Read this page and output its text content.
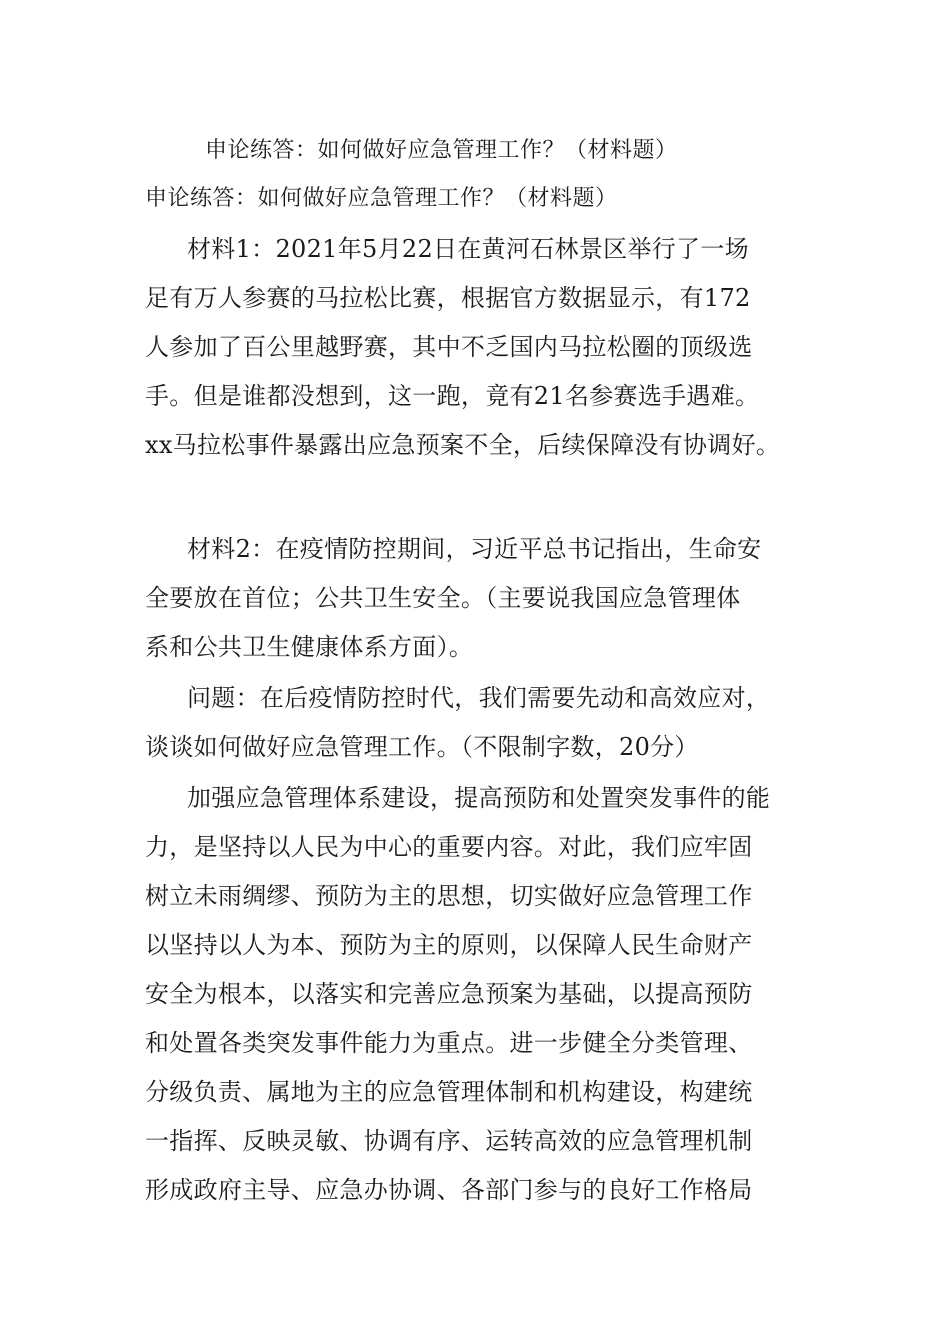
申论练答：如何做好应急管理工作？（材料题）
申论练答：如何做好应急管理工作？（材料题）
材料1：2021年5月22日在黄河石林景区举行了一场
足有万人参赛的马拉松比赛，根据官方数据显示，有172
人参加了百公里越野赛，其中不乏国内马拉松圈的顶级选
手。但是谁都没想到，这一跑，竟有21名参赛选手遇难。
xx马拉松事件暴露出应急预案不全，后续保障没有协调好。
材料2：在疫情防控期间，习近平总书记指出，生命安
全要放在首位；公共卫生安全。（主要说我国应急管理体
系和公共卫生健康体系方面）。
问题：在后疫情防控时代，我们需要先动和高效应对，
谈谈如何做好应急管理工作。（不限制字数，20分）
加强应急管理体系建设，提高预防和处置突发事件的能
力，是坚持以人民为中心的重要内容。对此，我们应牢固
树立未雨绸缪、预防为主的思想，切实做好应急管理工作
以坚持以人为本、预防为主的原则，以保障人民生命财产
安全为根本，以落实和完善应急预案为基础，以提高预防
和处置各类突发事件能力为重点。进一步健全分类管理、
分级负责、属地为主的应急管理体制和机构建设，构建统
一指挥、反映灵敏、协调有序、运转高效的应急管理机制
形成政府主导、应急办协调、各部门参与的良好工作格局
